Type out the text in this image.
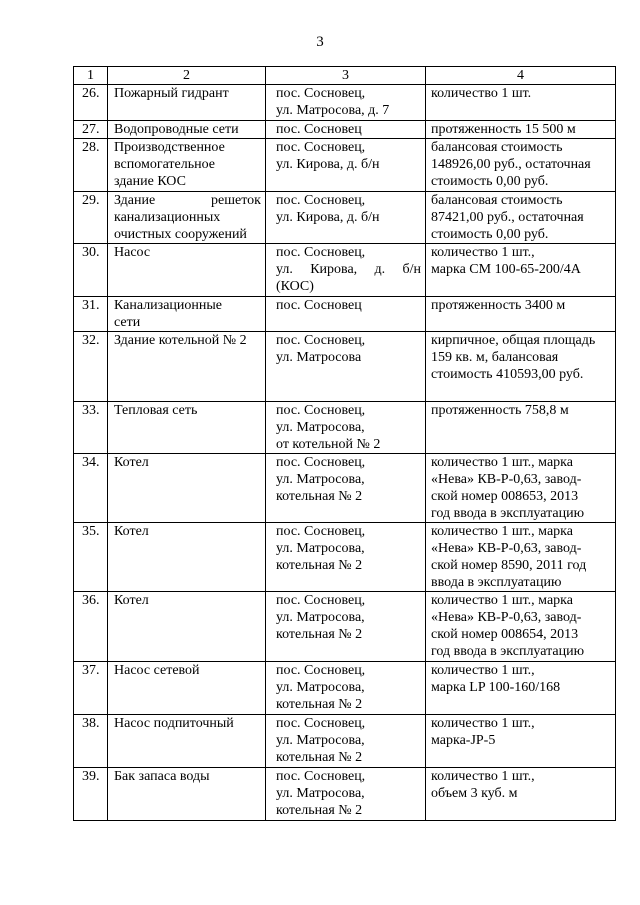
3
1	2	3	4
26.	Пожарный гидрант	пос. Сосновец,
ул. Матросова, д. 7	количество 1 шт.

27.	Водопроводные сети	пос. Сосновец	протяженность 15 500 м

28.	Производственное
вспомогательное
здание КОС	пос. Сосновец,
ул. Кирова, д. б/н	балансовая стоимость
148926,00 руб., остаточная
стоимость 0,00 руб.

29.	Здание решеток
канализационных
очистных сооружений	пос. Сосновец,
ул. Кирова, д. б/н	балансовая стоимость
87421,00 руб., остаточная
стоимость 0,00 руб.

30.	Насос	пос. Сосновец,
ул. Кирова, д. б/н
(КОС)	количество 1 шт.,
марка СМ 100-65-200/4А

31.	Канализационные
сети	пос. Сосновец	протяженность 3400 м

32.	Здание котельной № 2	пос. Сосновец,
ул. Матросова	кирпичное, общая площадь
159 кв. м, балансовая
стоимость 410593,00 руб.

33.	Тепловая сеть	пос. Сосновец,
ул. Матросова,
от котельной № 2	протяженность 758,8 м

34.	Котел	пос. Сосновец,
ул. Матросова,
котельная № 2	количество 1 шт., марка
«Нева» КВ-Р-0,63, завод-
ской номер 008653, 2013
год ввода в эксплуатацию

35.	Котел	пос. Сосновец,
ул. Матросова,
котельная № 2	количество 1 шт., марка
«Нева» КВ-Р-0,63, завод-
ской номер 8590, 2011 год
ввода в эксплуатацию

36.	Котел	пос. Сосновец,
ул. Матросова,
котельная № 2	количество 1 шт., марка
«Нева» КВ-Р-0,63, завод-
ской номер 008654, 2013
год ввода в эксплуатацию

37.	Насос сетевой	пос. Сосновец,
ул. Матросова,
котельная № 2	количество 1 шт.,
марка LP 100-160/168

38.	Насос подпиточный	пос. Сосновец,
ул. Матросова,
котельная № 2	количество 1 шт.,
марка-JP-5

39.	Бак запаса воды	пос. Сосновец,
ул. Матросова,
котельная № 2	количество 1 шт.,
объем 3 куб. м
